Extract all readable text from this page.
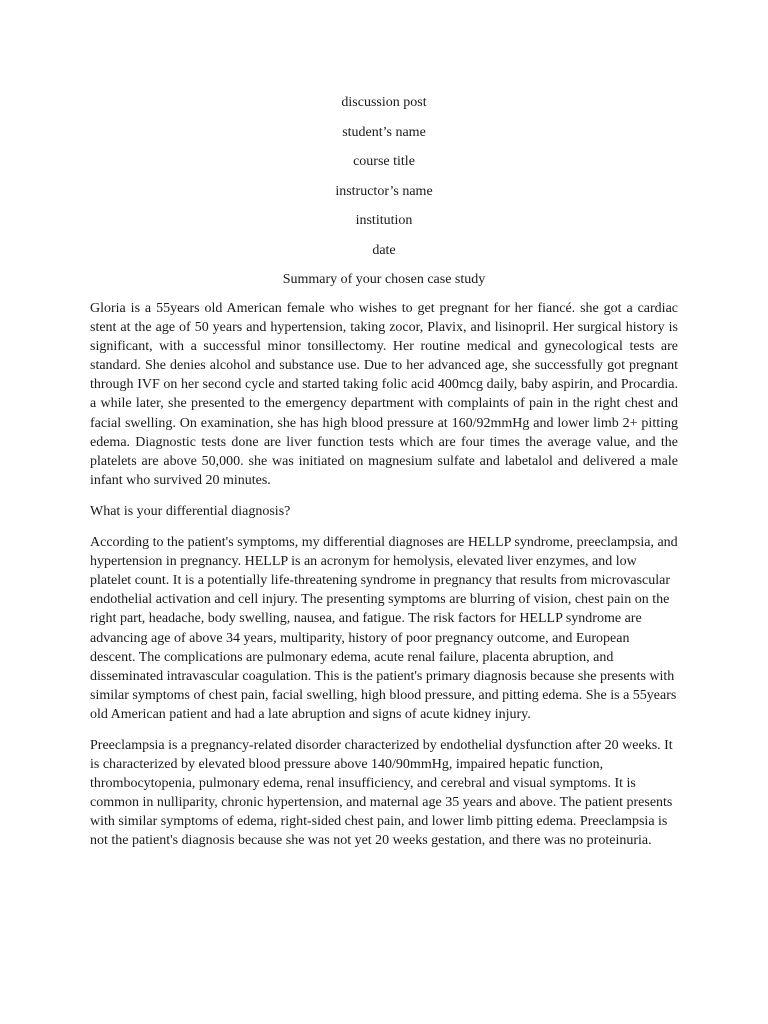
discussion post

student’s name

course title

instructor’s name

institution

date

Summary of your chosen case study

Gloria is a 55years old American female who wishes to get pregnant for her fiancé. she got a cardiac stent at the age of 50 years and hypertension, taking zocor, Plavix, and lisinopril. Her surgical history is significant, with a successful minor tonsillectomy. Her routine medical and gynecological tests are standard. She denies alcohol and substance use. Due to her advanced age, she successfully got pregnant through IVF on her second cycle and started taking folic acid 400mcg daily, baby aspirin, and Procardia. a while later, she presented to the emergency department with complaints of pain in the right chest and facial swelling. On examination, she has high blood pressure at 160/92mmHg and lower limb 2+ pitting edema. Diagnostic tests done are liver function tests which are four times the average value, and the platelets are above 50,000. she was initiated on magnesium sulfate and labetalol and delivered a male infant who survived 20 minutes.

What is your differential diagnosis?

According to the patient's symptoms, my differential diagnoses are HELLP syndrome, preeclampsia, and hypertension in pregnancy. HELLP is an acronym for hemolysis, elevated liver enzymes, and low platelet count. It is a potentially life-threatening syndrome in pregnancy that results from microvascular endothelial activation and cell injury. The presenting symptoms are blurring of vision, chest pain on the right part, headache, body swelling, nausea, and fatigue. The risk factors for HELLP syndrome are advancing age of above 34 years, multiparity, history of poor pregnancy outcome, and European descent. The complications are pulmonary edema, acute renal failure, placenta abruption, and disseminated intravascular coagulation. This is the patient's primary diagnosis because she presents with similar symptoms of chest pain, facial swelling, high blood pressure, and pitting edema. She is a 55years old American patient and had a late abruption and signs of acute kidney injury.

Preeclampsia is a pregnancy-related disorder characterized by endothelial dysfunction after 20 weeks. It is characterized by elevated blood pressure above 140/90mmHg, impaired hepatic function, thrombocytopenia, pulmonary edema, renal insufficiency, and cerebral and visual symptoms. It is common in nulliparity, chronic hypertension, and maternal age 35 years and above. The patient presents with similar symptoms of edema, right-sided chest pain, and lower limb pitting edema. Preeclampsia is not the patient's diagnosis because she was not yet 20 weeks gestation, and there was no proteinuria.
